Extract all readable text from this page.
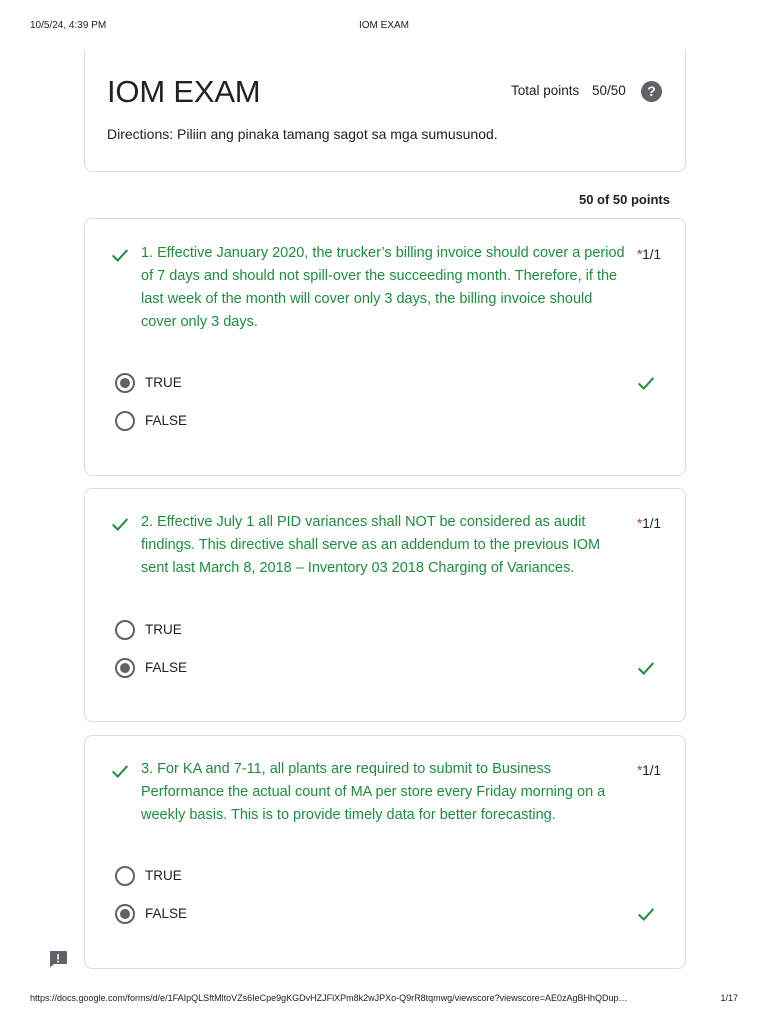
10/5/24, 4:39 PM	IOM EXAM
IOM EXAM	Total points 50/50	?
Directions: Piliin ang pinaka tamang sagot sa mga sumusunod.
50 of 50 points
1. Effective January 2020, the trucker’s billing invoice should cover a period of 7 days and should not spill-over the succeeding month. Therefore, if the last week of the month will cover only 3 days, the billing invoice should cover only 3 days.
*1/1
TRUE
FALSE
2. Effective July 1 all PID variances shall NOT be considered as audit findings. This directive shall serve as an addendum to the previous IOM sent last March 8, 2018 – Inventory 03 2018 Charging of Variances.
*1/1
TRUE
FALSE
3. For KA and 7-11, all plants are required to submit to Business Performance the actual count of MA per store every Friday morning on a weekly basis. This is to provide timely data for better forecasting.
*1/1
TRUE
FALSE
https://docs.google.com/forms/d/e/1FAIpQLSftMltoVZs6IeCpe9gKGDvHZJFlXPm8k2wJPXo-Q9rR8tqmwg/viewscore?viewscore=AE0zAgBHhQDup…	1/17
